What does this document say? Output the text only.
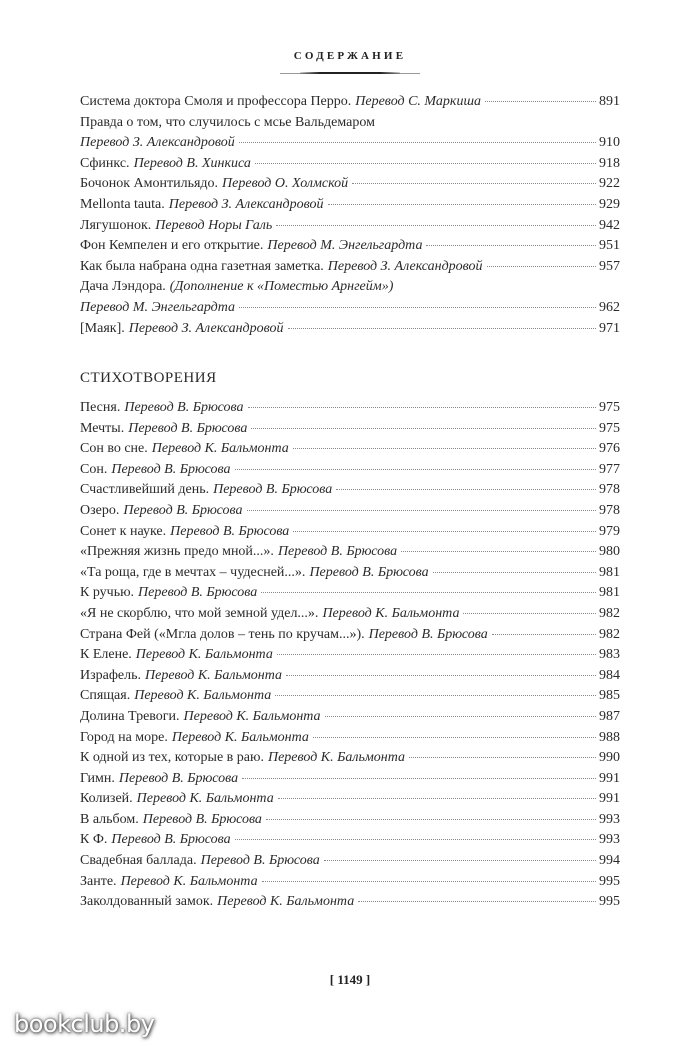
СОДЕРЖАНИЕ
Система доктора Смоля и профессора Перро. Перевод С. Маркиша	891
Правда о том, что случилось с мсье Вальдемаром
Перевод З. Александровой	910
Сфинкс. Перевод В. Хинкиса	918
Бочонок Амонтильядо. Перевод О. Холмской	922
Mellonta tauta. Перевод З. Александровой	929
Лягушонок. Перевод Норы Галь	942
Фон Кемпелен и его открытие. Перевод М. Энгельгардта	951
Как была набрана одна газетная заметка. Перевод З. Александровой	957
Дача Лэндора. (Дополнение к «Поместью Арнгейм»)
Перевод М. Энгельгардта	962
[Маяк]. Перевод З. Александровой	971
СТИХОТВОРЕНИЯ
Песня. Перевод В. Брюсова	975
Мечты. Перевод В. Брюсова	975
Сон во сне. Перевод К. Бальмонта	976
Сон. Перевод В. Брюсова	977
Счастливейший день. Перевод В. Брюсова	978
Озеро. Перевод В. Брюсова	978
Сонет к науке. Перевод В. Брюсова	979
«Прежняя жизнь предо мной...». Перевод В. Брюсова	980
«Та роща, где в мечтах – чудесней...». Перевод В. Брюсова	981
К ручью. Перевод В. Брюсова	981
«Я не скорблю, что мой земной удел...». Перевод К. Бальмонта	982
Страна Фей («Мгла долов – тень по кручам...»). Перевод В. Брюсова	982
К Елене. Перевод К. Бальмонта	983
Израфель. Перевод К. Бальмонта	984
Спящая. Перевод К. Бальмонта	985
Долина Тревоги. Перевод К. Бальмонта	987
Город на море. Перевод К. Бальмонта	988
К одной из тех, которые в раю. Перевод К. Бальмонта	990
Гимн. Перевод В. Брюсова	991
Колизей. Перевод К. Бальмонта	991
В альбом. Перевод В. Брюсова	993
К Ф. Перевод В. Брюсова	993
Свадебная баллада. Перевод В. Брюсова	994
Занте. Перевод К. Бальмонта	995
Заколдованный замок. Перевод К. Бальмонта	995
[ 1149 ]
bookclub.by
